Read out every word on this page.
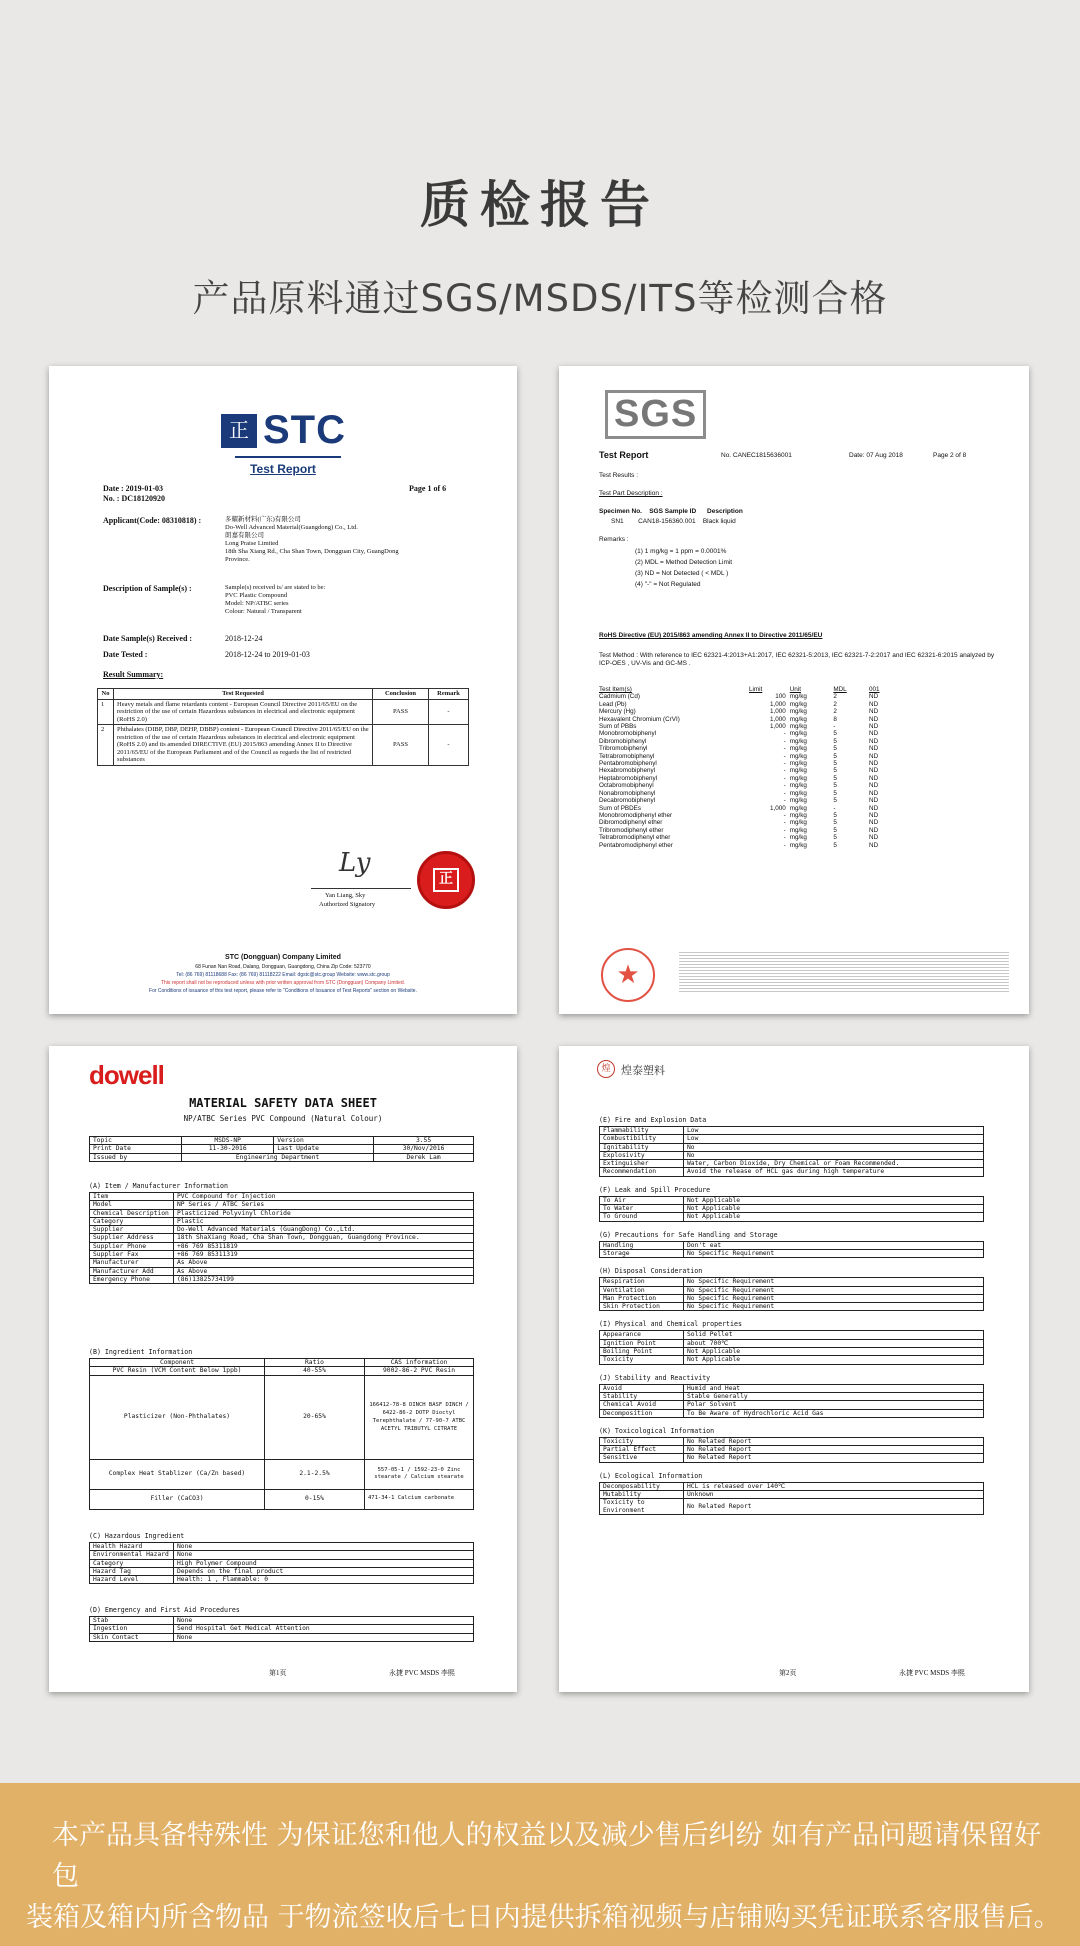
质检报告
产品原料通过SGS/MSDS/ITS等检测合格
正 STC
Test Report
Date : 2019-01-03
No. : DC18120920
Page 1 of 6
Applicant(Code: 08310818) :	多耀新材料(广东)有限公司
Do-Well Advanced Material(Guangdong) Co., Ltd.
朗嘉有限公司
Long Praise Limited
18th Sha Xiang Rd., Cha Shan Town, Dongguan City, GuangDong
Province.
Description of Sample(s) :	Sample(s) received is/ are stated to be:
PVC Plastic Compound
Model: NP/ATBC series
Colour: Natural / Transparent
Date Sample(s) Received :	2018-12-24
Date Tested :	2018-12-24 to 2019-01-03
Result Summary:
No	Test Requested	Conclusion	Remark
1	Heavy metals and flame retardants content - European Council Directive 2011/65/EU on the restriction of the use of certain Hazardous substances in electrical and electronic equipment (RoHS 2.0)	PASS	-
2	Phthalates (DIBP, DBP, DEHP, DBBP) content - European Council Directive 2011/65/EU on the restriction of the use of certain Hazardous substances in electrical and electronic equipment (RoHS 2.0) and its amended DIRECTIVE (EU) 2015/863 amending Annex II to Directive 2011/65/EU of the European Parliament and of the Council as regards the list of restricted substances	PASS	-
Ly
Yan Liang, Sky
Authorized Signatory
正
STC (Dongguan) Company Limited
68 Funan Nan Road, Dalang, Dongguan, Guangdong, China Zip Code: 523770
Tel: (86 769) 81118688 Fax: (86 769) 81118222 Email: dgstc@stc.group Website: www.stc.group
This report shall not be reproduced unless with prior written approval from STC (Dongguan) Company Limited.
For Conditions of issuance of this test report, please refer to "Conditions of Issuance of Test Reports" section on Website.
SGS
Test Report	No. CANEC1815636001	Date: 07 Aug 2018	Page 2 of 8
Test Results :
Test Part Description :
Specimen No. SGS Sample ID Description
SN1 CAN18-156360.001 Black liquid
Remarks :
(1) 1 mg/kg = 1 ppm = 0.0001%
(2) MDL = Method Detection Limit
(3) ND = Not Detected ( < MDL )
(4) "-" = Not Regulated
RoHS Directive (EU) 2015/863 amending Annex II to Directive 2011/65/EU
Test Method : With reference to IEC 62321-4:2013+A1:2017, IEC 62321-5:2013, IEC 62321-7-2:2017 and IEC 62321-6:2015 analyzed by ICP-OES , UV-Vis and GC-MS .
Test Item(s)	Limit	Unit	MDL	001
Cadmium (Cd)	100	mg/kg	2	ND
Lead (Pb)	1,000	mg/kg	2	ND
Mercury (Hg)	1,000	mg/kg	2	ND
Hexavalent Chromium (CrVI)	1,000	mg/kg	8	ND
Sum of PBBs	1,000	mg/kg	-	ND
Monobromobiphenyl	-	mg/kg	5	ND
Dibromobiphenyl	-	mg/kg	5	ND
Tribromobiphenyl	-	mg/kg	5	ND
Tetrabromobiphenyl	-	mg/kg	5	ND
Pentabromobiphenyl	-	mg/kg	5	ND
Hexabromobiphenyl	-	mg/kg	5	ND
Heptabromobiphenyl	-	mg/kg	5	ND
Octabromobiphenyl	-	mg/kg	5	ND
Nonabromobiphenyl	-	mg/kg	5	ND
Decabromobiphenyl	-	mg/kg	5	ND
Sum of PBDEs	1,000	mg/kg	-	ND
Monobromodiphenyl ether	-	mg/kg	5	ND
Dibromodiphenyl ether	-	mg/kg	5	ND
Tribromodiphenyl ether	-	mg/kg	5	ND
Tetrabromodiphenyl ether	-	mg/kg	5	ND
Pentabromodiphenyl ether	-	mg/kg	5	ND
★
dowell
MATERIAL SAFETY DATA SHEET
NP/ATBC Series PVC Compound (Natural Colour)
Topic	MSDS-NP	Version	3.55
Print Date	11-30-2016	Last Update	30/Nov/2016
Issued by	Engineering Department		Derek Lam
(A) Item / Manufacturer Information
Item	PVC Compound for Injection
Model	NP Series / ATBC Series
Chemical Description	Plasticized Polyvinyl Chloride
Category	Plastic
Supplier	Do-Well Advanced Materials (GuangDong) Co.,Ltd.
Supplier Address	18th ShaXiang Road, Cha Shan Town, Dongguan, Guangdong Province.
Supplier Phone	+86 769 85311819
Supplier Fax	+86 769 85311319
Manufacturer	As Above
Manufacturer Add	As Above
Emergency Phone	(86)13825734199
(B) Ingredient Information
Component	Ratio	CAS information
PVC Resin (VCM Content Below 1ppb)	40-55%	9002-86-2 PVC Resin
Plasticizer (Non-Phthalates)	20-65%	166412-78-8 DINCH BASF DINCH / 6422-86-2 DOTP Dioctyl Terephthalate / 77-90-7 ATBC ACETYL TRIBUTYL CITRATE
Complex Heat Stablizer (Ca/Zn based)	2.1-2.5%	557-05-1 / 1592-23-0 Zinc stearate / Calcium stearate
Filler (CaCO3)	0-15%	471-34-1 Calcium carbonate
(C) Hazardous Ingredient
Health Hazard	None
Environmental Hazard	None
Category	High Polymer Compound
Hazard Tag	Depends on the final product
Hazard Level	Health: 1 , Flammable: 0
(D) Emergency and First Aid Procedures
Stab	None
Ingestion	Send Hospital Get Medical Attention
Skin Contact	None
第1页	永捷 PVC MSDS 李熙
煌 煌泰塑料
(E) Fire and Explosion Data
Flammability	Low
Combustibility	Low
Ignitability	No
Explosivity	No
Extinguisher	Water, Carbon Dioxide, Dry Chemical or Foam Recommended.
Recommendation	Avoid the release of HCL gas during high temperature
(F) Leak and Spill Procedure
To Air	Not Applicable
To Water	Not Applicable
To Ground	Not Applicable
(G) Precautions for Safe Handling and Storage
Handling	Don't eat
Storage	No Specific Requirement
(H) Disposal Consideration
Respiration	No Specific Requirement
Ventilation	No Specific Requirement
Man Protection	No Specific Requirement
Skin Protection	No Specific Requirement
(I) Physical and Chemical properties
Appearance	Solid Pellet
Ignition Point	about 700℃
Boiling Point	Not Applicable
Toxicity	Not Applicable
(J) Stability and Reactivity
Avoid	Humid and Heat
Stability	Stable Generally
Chemical Avoid	Polar Solvent
Decomposition	To Be Aware of Hydrochloric Acid Gas
(K) Toxicological Information
Toxicity	No Related Report
Partial Effect	No Related Report
Sensitive	No Related Report
(L) Ecological Information
Decomposability	HCL is released over 140℃
Mutability	Unknown
Toxicity to Environment	No Related Report
第2页	永捷 PVC MSDS 李熙
本产品具备特殊性 为保证您和他人的权益以及减少售后纠纷 如有产品问题请保留好包
装箱及箱内所含物品 于物流签收后七日内提供拆箱视频与店铺购买凭证联系客服售后。
